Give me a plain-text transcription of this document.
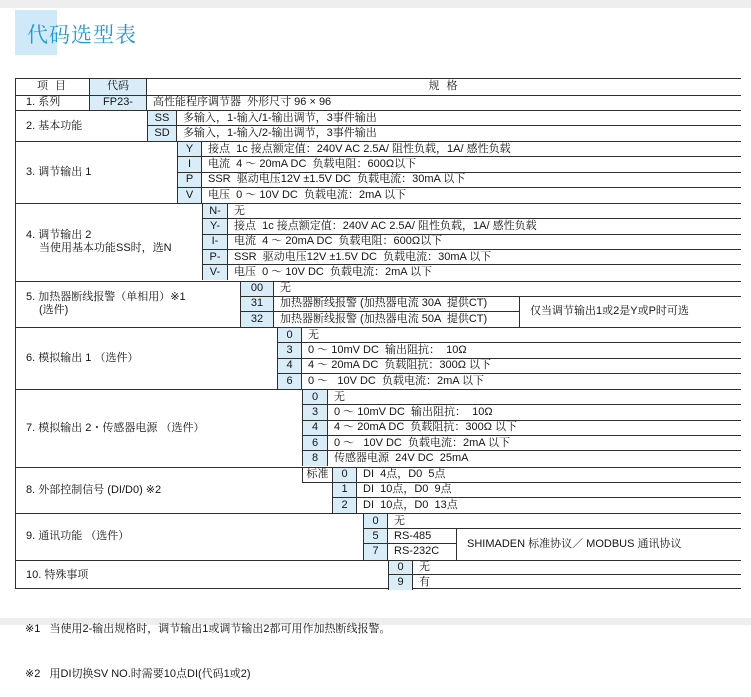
代码选型表
项 目	代码	规 格
1. 系列	FP23-	高性能程序调节器  外形尺寸 96 × 96
2. 基本功能
SS	多输入，1-输入/1-输出调节，3事件输出
SD	多输入，1-输入/2-输出调节，3事件输出
3. 调节输出 1
Y	接点  1c 接点额定值：240V AC 2.5A/ 阻性负载，1A/ 感性负载
I	电流  4 ～ 20mA DC  负载电阻：600Ω以下
P	SSR  驱动电压12V ±1.5V DC  负载电流：30mA 以下
V	电压  0 ～ 10V DC  负载电流：2mA 以下
4. 调节输出 2
当使用基本功能SS时，选N
N-	无
Y-	接点  1c 接点额定值：240V AC 2.5A/ 阻性负载，1A/ 感性负载
I-	电流  4 ～ 20mA DC  负载电阻：600Ω以下
P-	SSR  驱动电压12V ±1.5V DC  负载电流：30mA 以下
V-	电压  0 ～ 10V DC  负载电流：2mA 以下
5. 加热器断线报警（单相用）※1
(选件)
00	无
31	加热器断线报警 (加热器电流 30A  提供CT)
32	加热器断线报警 (加热器电流 50A  提供CT)
仅当调节输出1或2是Y或P时可选
6. 模拟输出 1 （选件）
0	无
3	0 ～ 10mV DC  输出阻抗：  10Ω
4	4 ～ 20mA DC  负载阻抗：300Ω 以下
6	0 ～   10V DC  负载电流：2mA 以下
7. 模拟输出 2・传感器电源 （选件）
0	无
3	0 ～ 10mV DC  输出阻抗：  10Ω
4	4 ～ 20mA DC  负载阻抗：300Ω 以下
6	0 ～   10V DC  负载电流：2mA 以下
8	传感器电源  24V DC  25mA
8. 外部控制信号 (DI/D0) ※2
标准	0	DI  4点，D0  5点
1	DI  10点，D0  9点
2	DI  10点，D0  13点
9. 通讯功能 （选件）
0	无
5	RS-485
7	RS-232C
SHIMADEN 标准协议／ MODBUS 通讯协议
10. 特殊事项
0	无
9	有

※1   当使用2-输出规格时，调节输出1或调节输出2都可用作加热断线报警。

※2   用DI切换SV NO.时需要10点DI(代码1或2)
